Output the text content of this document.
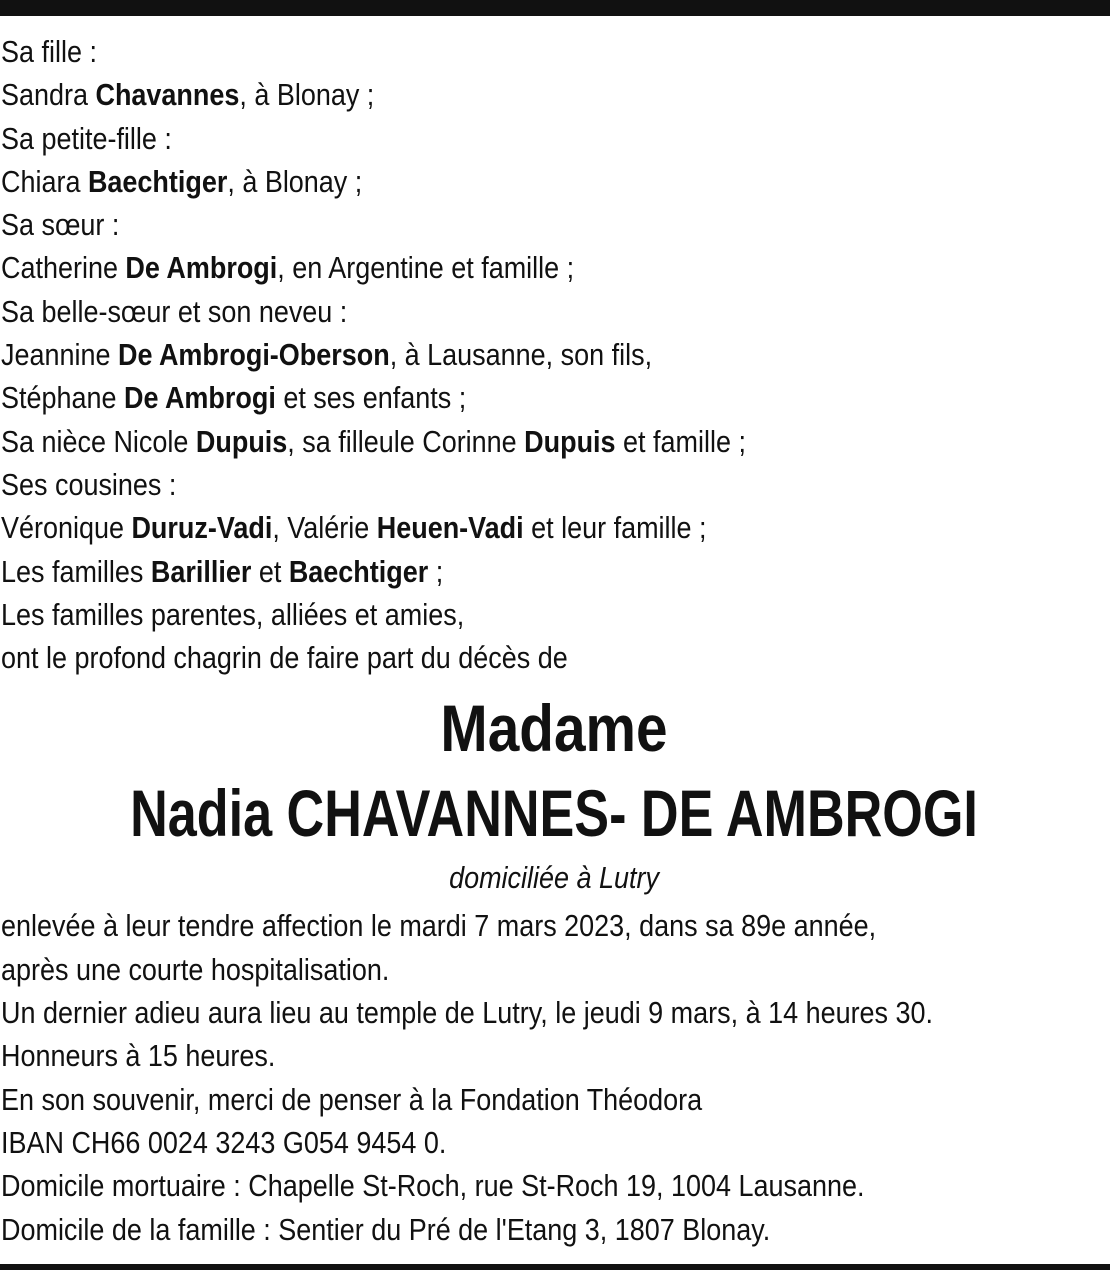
Sa fille :
Sandra Chavannes, à Blonay ;
Sa petite-fille :
Chiara Baechtiger, à Blonay ;
Sa sœur :
Catherine De Ambrogi, en Argentine et famille ;
Sa belle-sœur et son neveu :
Jeannine De Ambrogi-Oberson, à Lausanne, son fils,
Stéphane De Ambrogi et ses enfants ;
Sa nièce Nicole Dupuis, sa filleule Corinne Dupuis et famille ;
Ses cousines :
Véronique Duruz-Vadi, Valérie Heuen-Vadi et leur famille ;
Les familles Barillier et Baechtiger ;
Les familles parentes, alliées et amies,
ont le profond chagrin de faire part du décès de
Madame
Nadia CHAVANNES- DE AMBROGI
domiciliée à Lutry
enlevée à leur tendre affection le mardi 7 mars 2023, dans sa 89e année,
après une courte hospitalisation.
Un dernier adieu aura lieu au temple de Lutry, le jeudi 9 mars, à 14 heures 30.
Honneurs à 15 heures.
En son souvenir, merci de penser à la Fondation Théodora
IBAN CH66 0024 3243 G054 9454 0.
Domicile mortuaire : Chapelle St-Roch, rue St-Roch 19, 1004 Lausanne.
Domicile de la famille : Sentier du Pré de l'Etang 3, 1807 Blonay.
